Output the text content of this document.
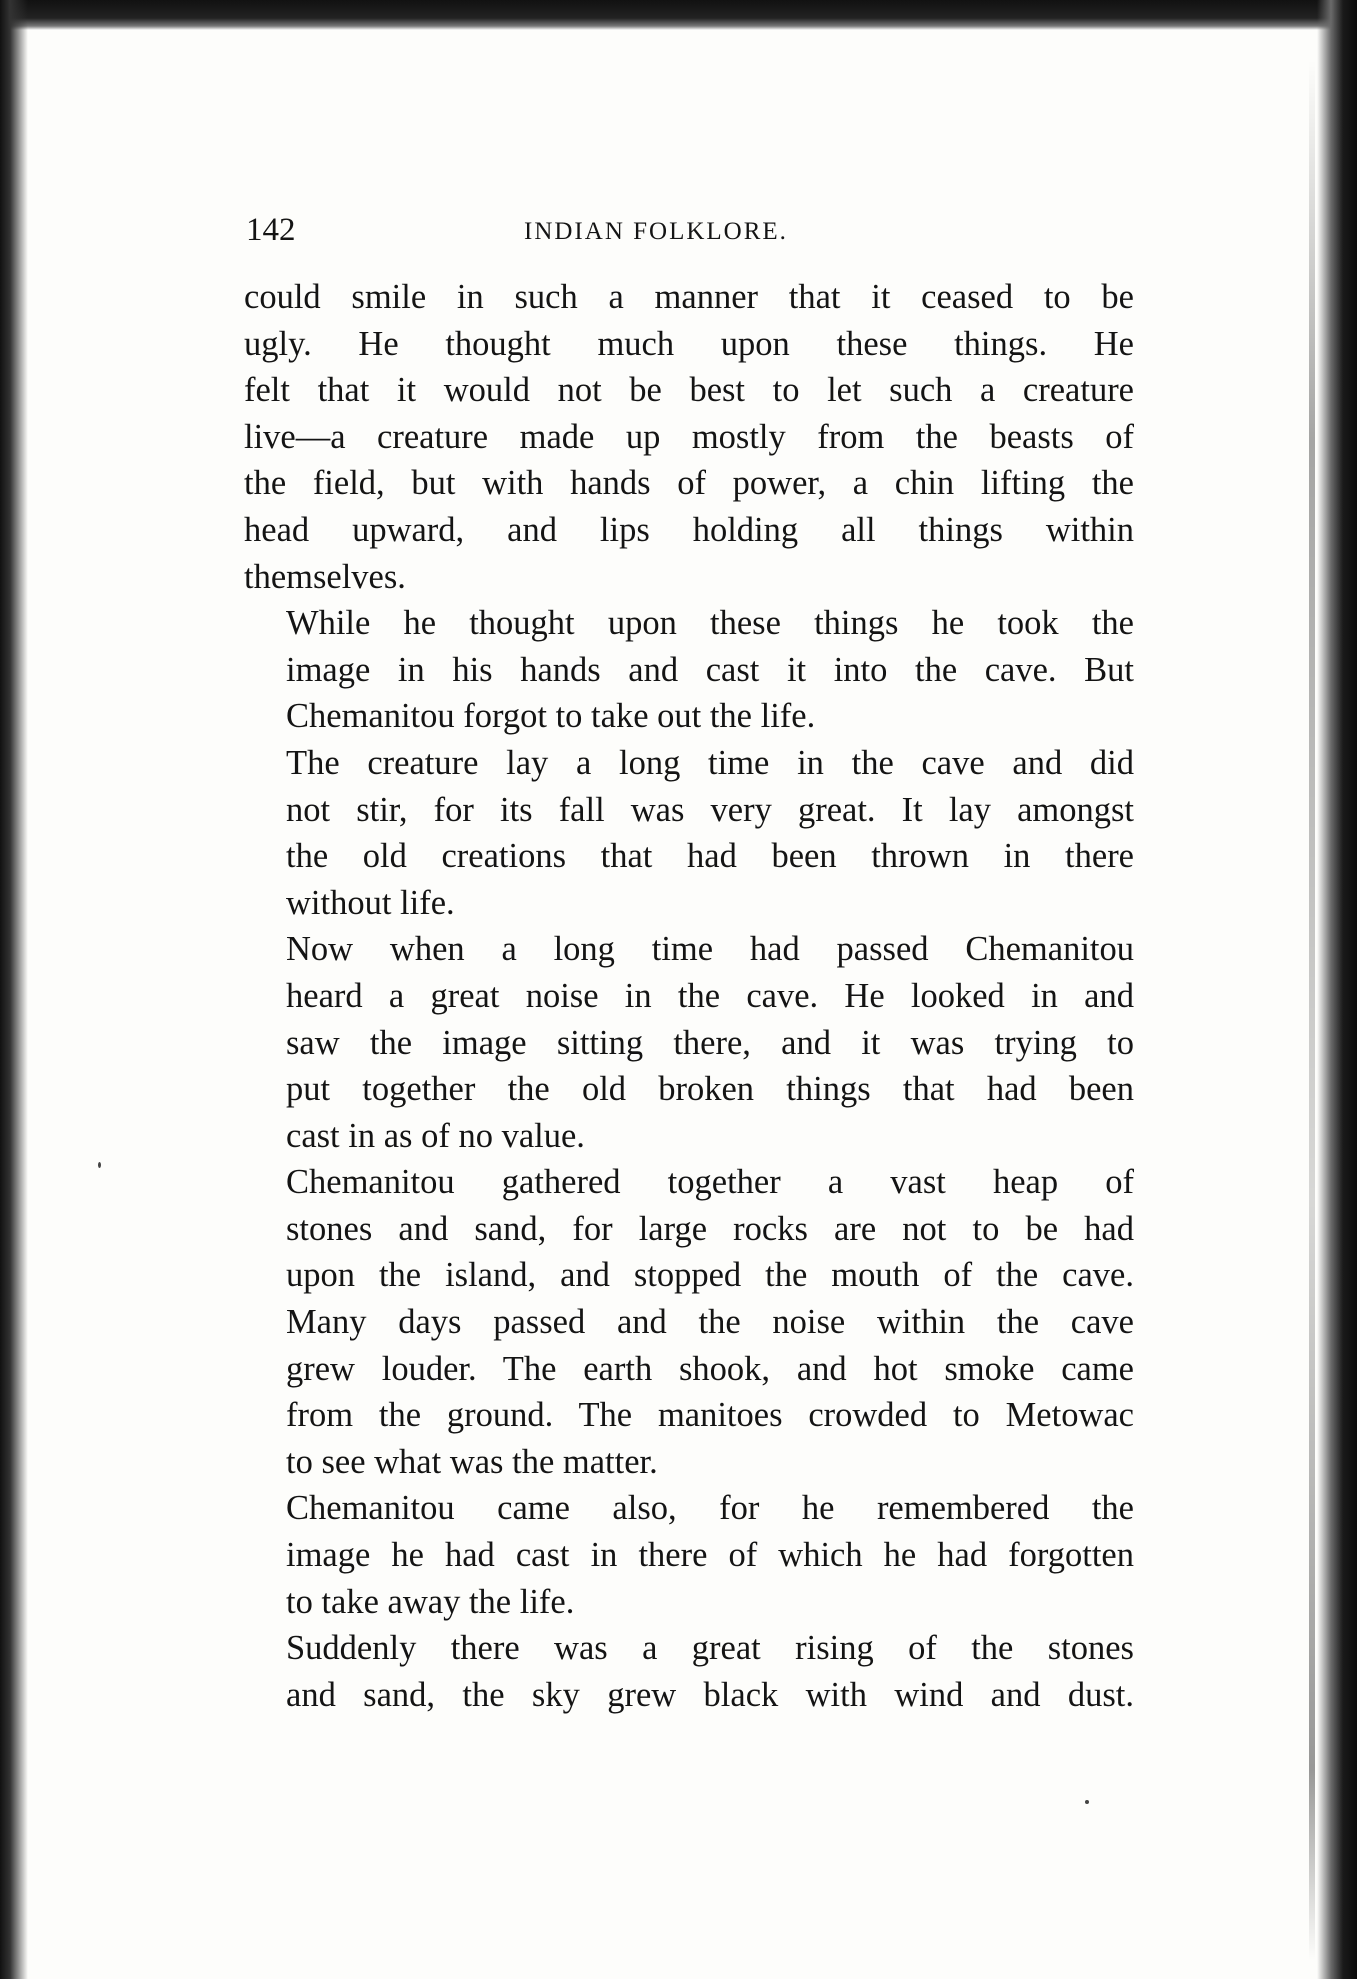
142	INDIAN FOLKLORE.
could smile in such a manner that it ceased to be
ugly. He thought much upon these things. He
felt that it would not be best to let such a creature
live—a creature made up mostly from the beasts of
the field, but with hands of power, a chin lifting the
head upward, and lips holding all things within
themselves.
While he thought upon these things he took the
image in his hands and cast it into the cave. But
Chemanitou forgot to take out the life.
The creature lay a long time in the cave and did
not stir, for its fall was very great. It lay amongst
the old creations that had been thrown in there
without life.
Now when a long time had passed Chemanitou
heard a great noise in the cave. He looked in and
saw the image sitting there, and it was trying to
put together the old broken things that had been
cast in as of no value.
Chemanitou gathered together a vast heap of
stones and sand, for large rocks are not to be had
upon the island, and stopped the mouth of the cave.
Many days passed and the noise within the cave
grew louder. The earth shook, and hot smoke came
from the ground. The manitoes crowded to Metowac
to see what was the matter.
Chemanitou came also, for he remembered the
image he had cast in there of which he had forgotten
to take away the life.
Suddenly there was a great rising of the stones
and sand, the sky grew black with wind and dust.
